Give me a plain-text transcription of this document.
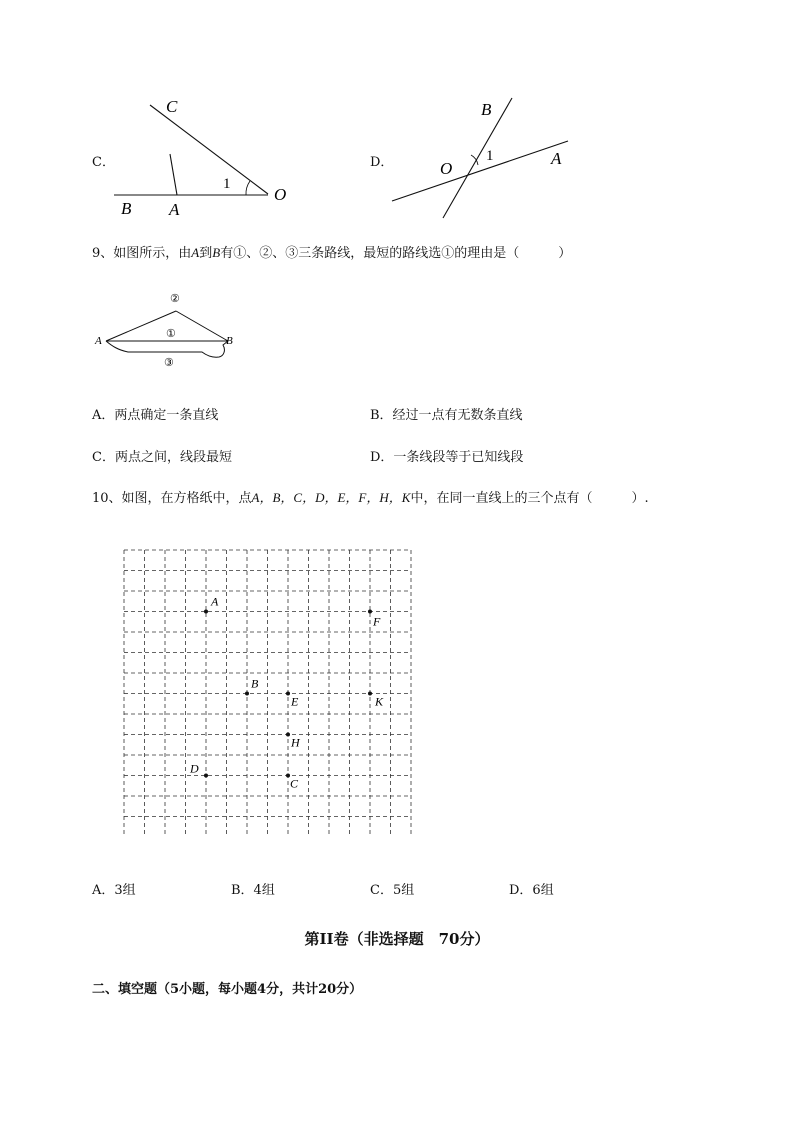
C．
C
B A
O
1
D．
B
O
A
1
9、如图所示，由A到B有①、②、③三条路线，最短的路线选①的理由是（　　　）
A	B
②
①
③
A．两点确定一条直线	B．经过一点有无数条直线
C．两点之间，线段最短	D．一条线段等于已知线段
10、如图，在方格纸中，点A，B，C，D，E，F，H，K中，在同一直线上的三个点有（　　　）.
A
F
B
E	K
H
D
C
A．3组	B．4组	C．5组	D．6组
第II卷（非选择题　70分）
二、填空题（5小题，每小题4分，共计20分）
